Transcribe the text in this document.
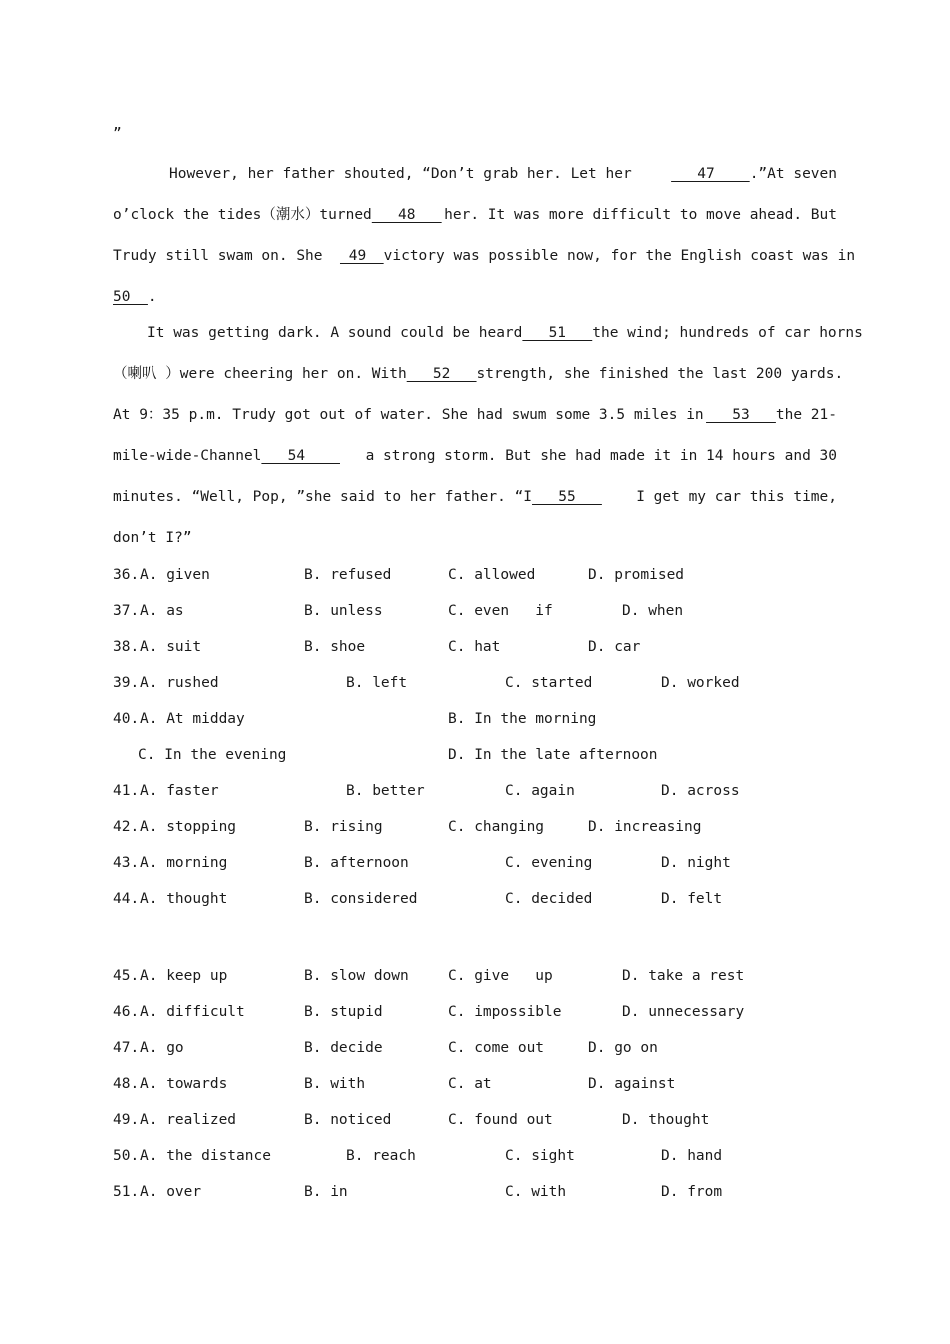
”
However, her father shouted, “Don’t grab her. Let her	47    .”At seven
o’clock the tides（潮水）turned   48 her. It was more difficult to move ahead. But
Trudy still swam on. She   49 victory was possible now, for the English coast was in
50  .
It was getting dark. A sound could be heard   51 the wind; hundreds of car horns
（喇叭 ）were cheering her on. With   52 strength, she finished the last 200 yards.
At 9：35 p.m. Trudy got out of water. She had swum some 3.5 miles in 53   the 21-
mile-wide-Channel   54 a strong storm. But she had made it in 14 hours and 30
minutes. “Well, Pop, ”she said to her father. “I   55 I get my car this time,
don’t I?”
36. A. given	B. refused	C. allowed	D. promised
37. A. as	B. unless	C. even   if	D. when
38. A. suit	B. shoe	C. hat	D. car
39. A. rushed	B. left	C. started	D. worked
40. A. At midday	B. In the morning
C. In the evening	D. In the late afternoon
41. A. faster	B. better	C. again	D. across
42. A. stopping	B. rising	C. changing	D. increasing
43. A. morning	B. afternoon	C. evening	D. night
44. A. thought	B. considered	C. decided	D. felt
45. A. keep up	B. slow down	C. give   up	D. take a rest
46. A. difficult	B. stupid	C. impossible	D. unnecessary
47. A. go	B. decide	C. come out	D. go on
48. A. towards	B. with	C. at	D. against
49. A. realized	B. noticed	C. found out	D. thought
50. A. the distance	B. reach	C. sight	D. hand
51. A. over	B. in	C. with	D. from
